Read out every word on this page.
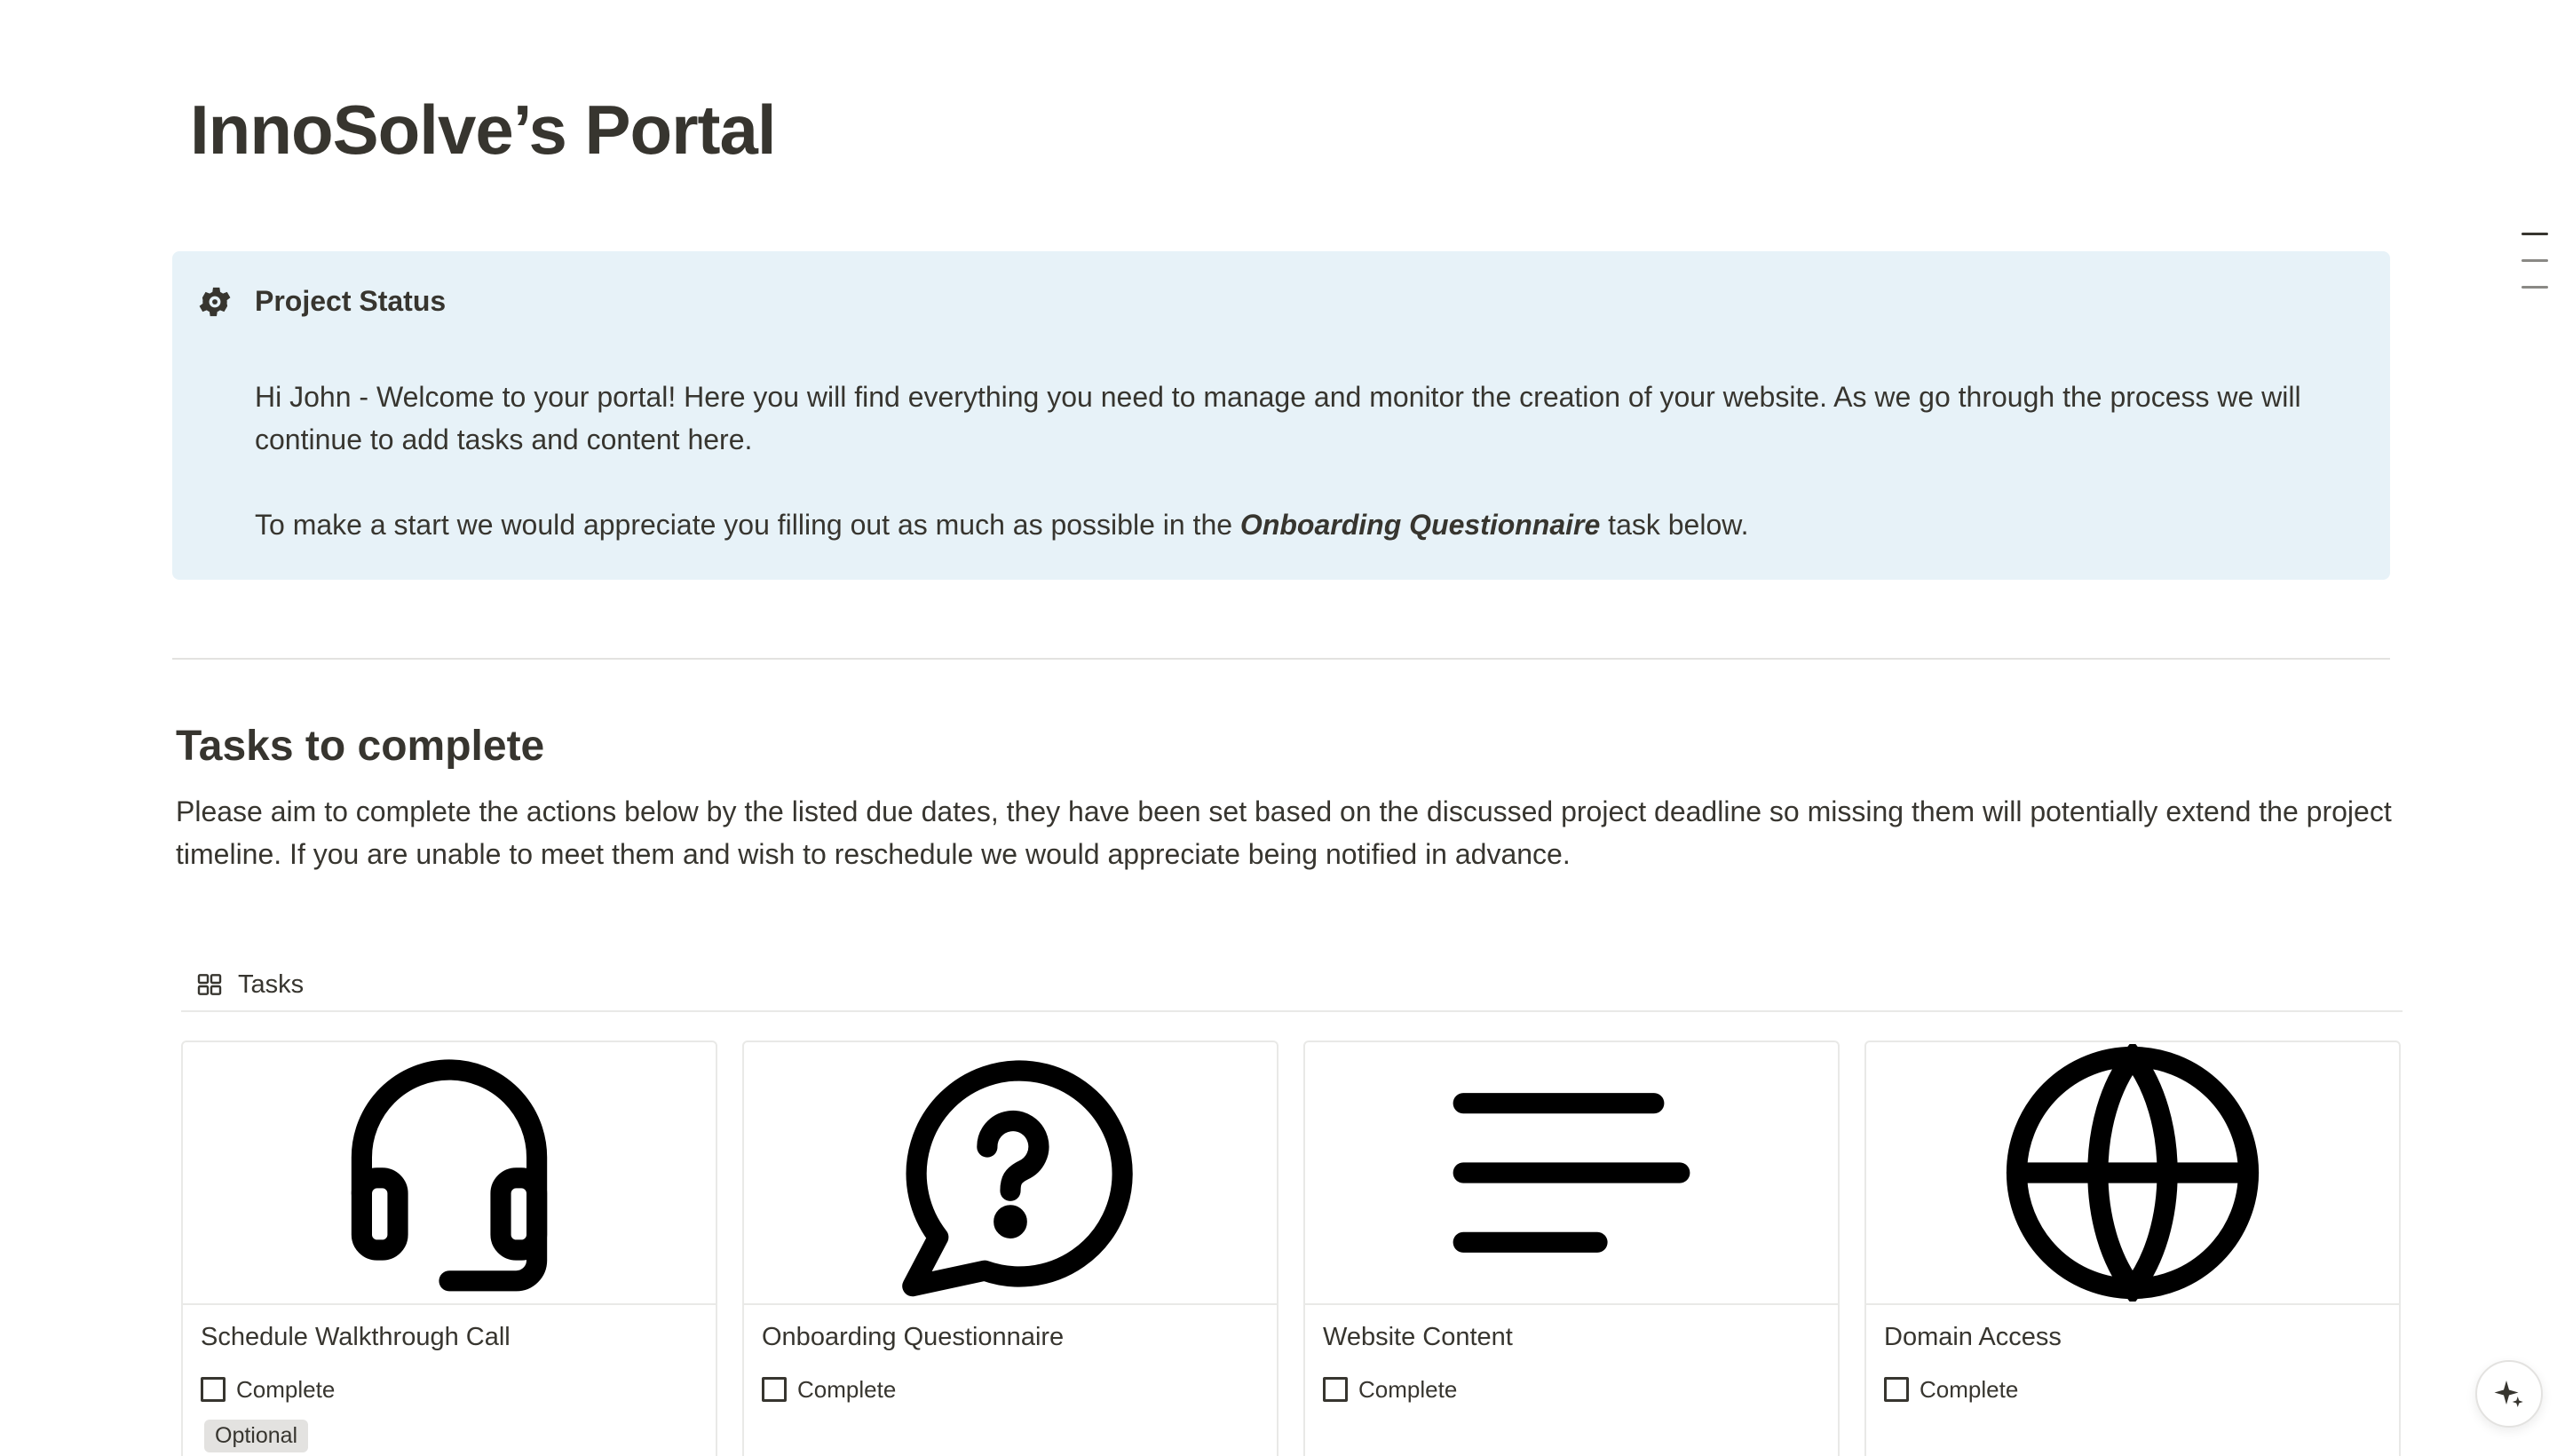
InnoSolve’s Portal
Project Status

Hi John - Welcome to your portal! Here you will find everything you need to manage and monitor the creation of your website. As we go through the process we will continue to add tasks and content here.

To make a start we would appreciate you filling out as much as possible in the Onboarding Questionnaire task below.

Tasks to complete

Please aim to complete the actions below by the listed due dates, they have been set based on the discussed project deadline so missing them will potentially extend the project timeline. If you are unable to meet them and wish to reschedule we would appreciate being notified in advance.

Tasks
Schedule Walkthrough Call
Complete
Optional
Onboarding Questionnaire
Complete
Website Content
Complete
Domain Access
Complete
